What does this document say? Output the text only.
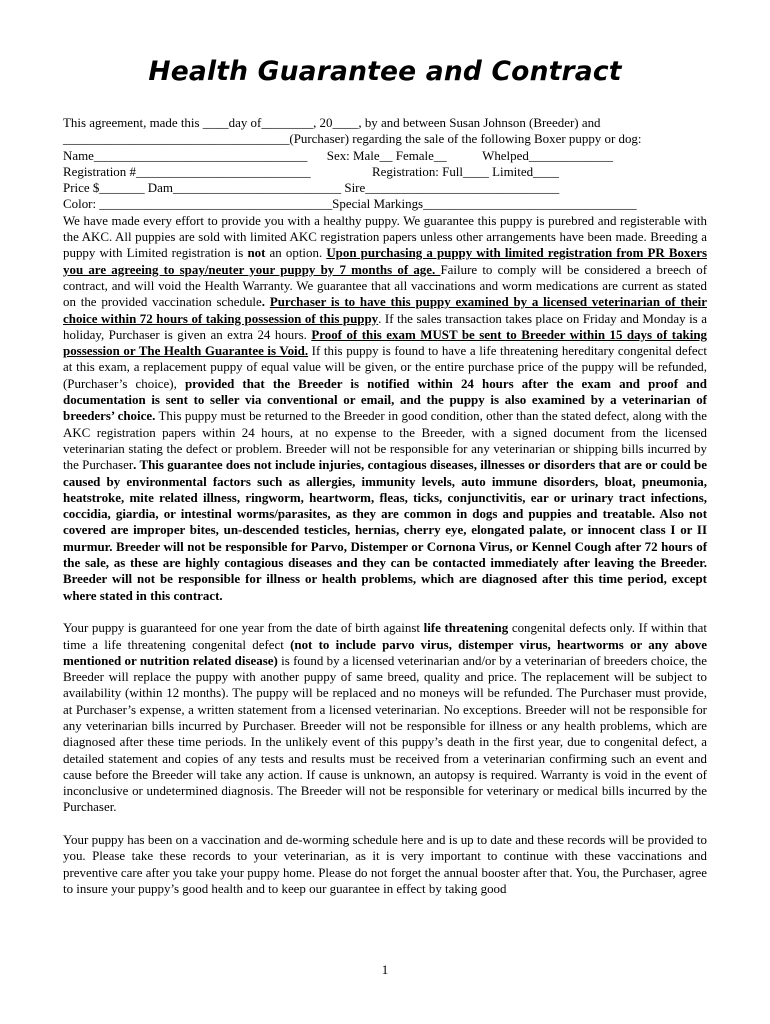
Health Guarantee and Contract
This agreement, made this ____day of________, 20____, by and between Susan Johnson (Breeder) and
___________________________________(Purchaser) regarding the sale of the following Boxer puppy or dog:
Name_________________________________      Sex: Male__ Female__           Whelped_____________
Registration #___________________________                   Registration: Full____ Limited____
Price $_______ Dam__________________________ Sire______________________________
Color: ____________________________________Special Markings_________________________________

We have made every effort to provide you with a healthy puppy. We guarantee this puppy is purebred and registerable with the AKC. All puppies are sold with limited AKC registration papers unless other arrangements have been made. Breeding a puppy with Limited registration is not an option. Upon purchasing a puppy with limited registration from PR Boxers you are agreeing to spay/neuter your puppy by 7 months of age. Failure to comply will be considered a breech of contract, and will void the Health Warranty. We guarantee that all vaccinations and worm medications are current as stated on the provided vaccination schedule. Purchaser is to have this puppy examined by a licensed veterinarian of their choice within 72 hours of taking possession of this puppy. If the sales transaction takes place on Friday and Monday is a holiday, Purchaser is given an extra 24 hours. Proof of this exam MUST be sent to Breeder within 15 days of taking possession or The Health Guarantee is Void. If this puppy is found to have a life threatening hereditary congenital defect at this exam, a replacement puppy of equal value will be given, or the entire purchase price of the puppy will be refunded, (Purchaser’s choice), provided that the Breeder is notified within 24 hours after the exam and proof and documentation is sent to seller via conventional or email, and the puppy is also examined by a veterinarian of breeders’ choice. This puppy must be returned to the Breeder in good condition, other than the stated defect, along with the AKC registration papers within 24 hours, at no expense to the Breeder, with a signed document from the licensed veterinarian stating the defect or problem. Breeder will not be responsible for any veterinarian or shipping bills incurred by the Purchaser. This guarantee does not include injuries, contagious diseases, illnesses or disorders that are or could be caused by environmental factors such as allergies, immunity levels, auto immune disorders, bloat, pneumonia, heatstroke, mite related illness, ringworm, heartworm, fleas, ticks, conjunctivitis, ear or urinary tract infections, coccidia, giardia, or intestinal worms/parasites, as they are common in dogs and puppies and treatable. Also not covered are improper bites, un-descended testicles, hernias, cherry eye, elongated palate, or innocent class I or II murmur. Breeder will not be responsible for Parvo, Distemper or Cornona Virus, or Kennel Cough after 72 hours of the sale, as these are highly contagious diseases and they can be contacted immediately after leaving the Breeder. Breeder will not be responsible for illness or health problems, which are diagnosed after this time period, except where stated in this contract.

Your puppy is guaranteed for one year from the date of birth against life threatening congenital defects only. If within that time a life threatening congenital defect (not to include parvo virus, distemper virus, heartworms or any above mentioned or nutrition related disease) is found by a licensed veterinarian and/or by a veterinarian of breeders choice, the Breeder will replace the puppy with another puppy of same breed, quality and price. The replacement will be subject to availability (within 12 months). The puppy will be replaced and no moneys will be refunded. The Purchaser must provide, at Purchaser’s expense, a written statement from a licensed veterinarian. No exceptions. Breeder will not be responsible for any veterinarian bills incurred by Purchaser. Breeder will not be responsible for illness or any health problems, which are diagnosed after these time periods. In the unlikely event of this puppy’s death in the first year, due to congenital defect, a detailed statement and copies of any tests and results must be received from a veterinarian confirming such an event and cause before the Breeder will take any action. If cause is unknown, an autopsy is required. Warranty is void in the event of inconclusive or undetermined diagnosis. The Breeder will not be responsible for veterinary or medical bills incurred by the Purchaser.

Your puppy has been on a vaccination and de-worming schedule here and is up to date and these records will be provided to you. Please take these records to your veterinarian, as it is very important to continue with these vaccinations and preventive care after you take your puppy home. Please do not forget the annual booster after that. You, the Purchaser, agree to insure your puppy’s good health and to keep our guarantee in effect by taking good

1
